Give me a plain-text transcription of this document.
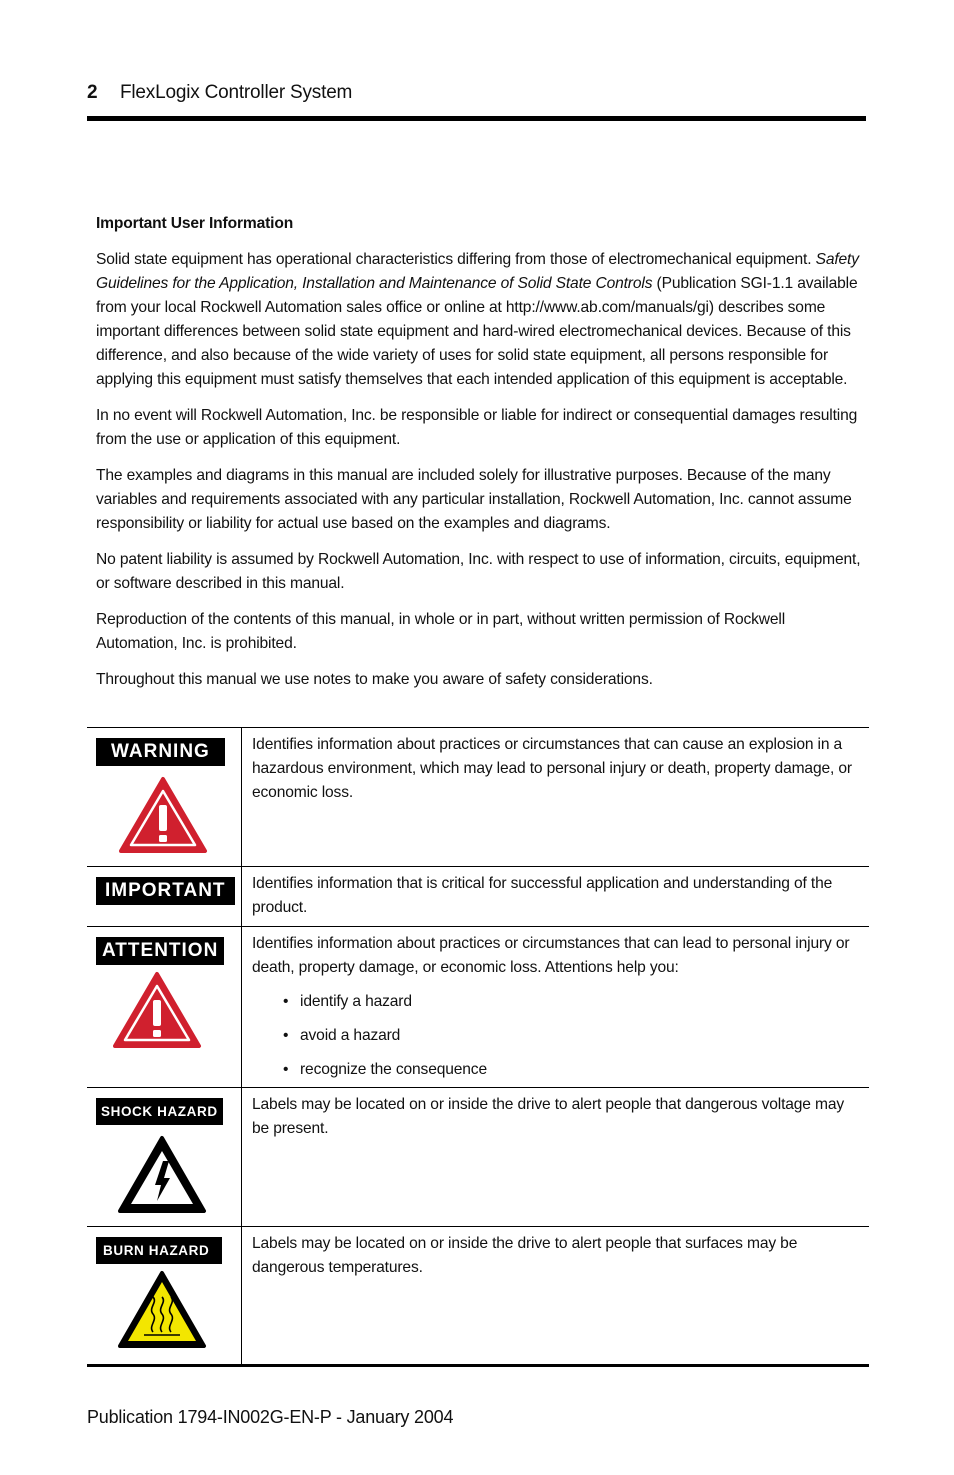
2 FlexLogix Controller System
Important User Information

Solid state equipment has operational characteristics differing from those of electromechanical equipment. Safety Guidelines for the Application, Installation and Maintenance of Solid State Controls (Publication SGI-1.1 available from your local Rockwell Automation sales office or online at http://www.ab.com/manuals/gi) describes some important differences between solid state equipment and hard-wired electromechanical devices. Because of this difference, and also because of the wide variety of uses for solid state equipment, all persons responsible for applying this equipment must satisfy themselves that each intended application of this equipment is acceptable.

In no event will Rockwell Automation, Inc. be responsible or liable for indirect or consequential damages resulting from the use or application of this equipment.

The examples and diagrams in this manual are included solely for illustrative purposes. Because of the many variables and requirements associated with any particular installation, Rockwell Automation, Inc. cannot assume responsibility or liability for actual use based on the examples and diagrams.

No patent liability is assumed by Rockwell Automation, Inc. with respect to use of information, circuits, equipment, or software described in this manual.

Reproduction of the contents of this manual, in whole or in part, without written permission of Rockwell Automation, Inc. is prohibited.

Throughout this manual we use notes to make you aware of safety considerations.

WARNING	Identifies information about practices or circumstances that can cause an explosion in a hazardous environment, which may lead to personal injury or death, property damage, or economic loss.
IMPORTANT	Identifies information that is critical for successful application and understanding of the product.
ATTENTION	Identifies information about practices or circumstances that can lead to personal injury or death, property damage, or economic loss. Attentions help you:
• identify a hazard
• avoid a hazard
• recognize the consequence
SHOCK HAZARD	Labels may be located on or inside the drive to alert people that dangerous voltage may be present.
BURN HAZARD	Labels may be located on or inside the drive to alert people that surfaces may be dangerous temperatures.
Publication 1794-IN002G-EN-P - January 2004
